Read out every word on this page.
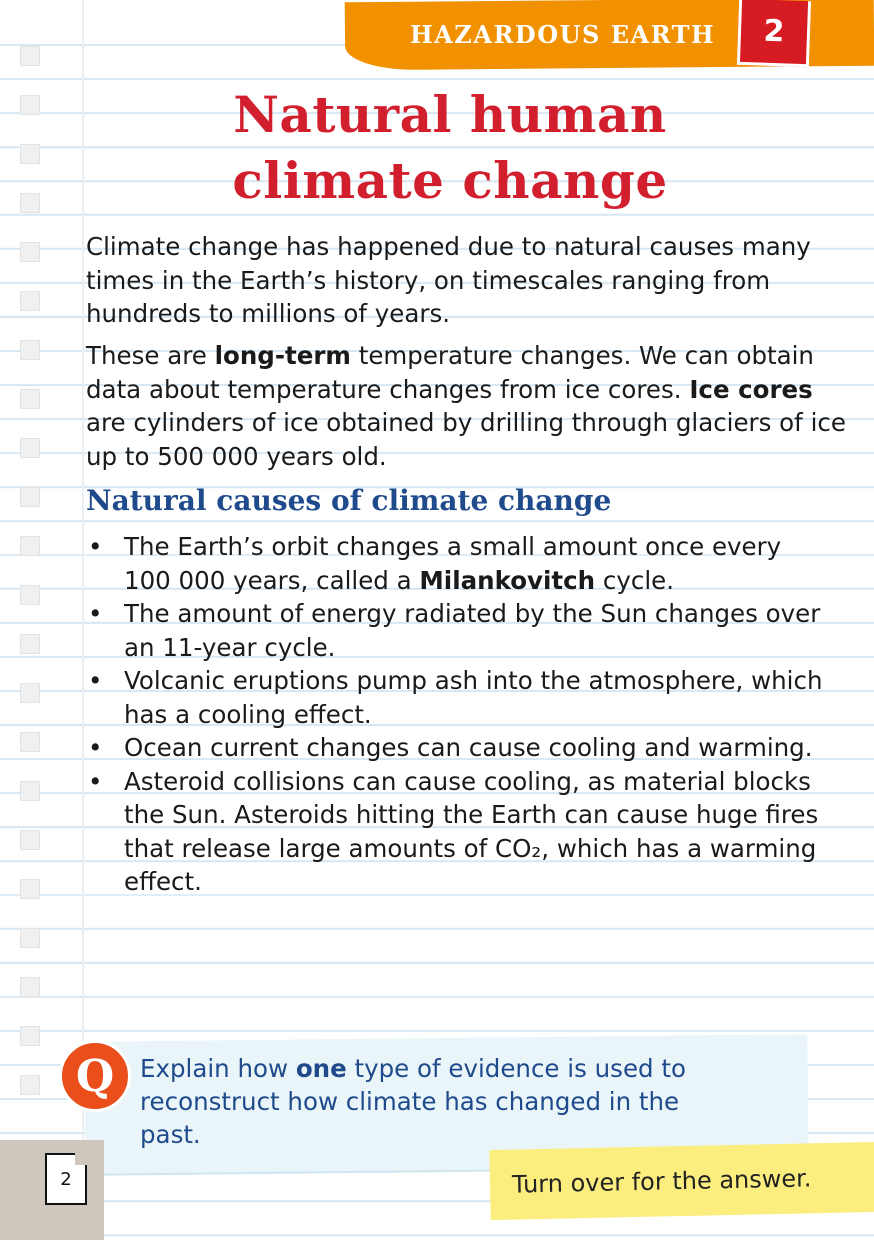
HAZARDOUS EARTH	2
Natural human
climate change

Climate change has happened due to natural causes many times in the Earth’s history, on timescales ranging from hundreds to millions of years.

These are long-term temperature changes. We can obtain data about temperature changes from ice cores. Ice cores are cylinders of ice obtained by drilling through glaciers of ice up to 500 000 years old.

Natural causes of climate change
• The Earth’s orbit changes a small amount once every 100 000 years, called a Milankovitch cycle.
• The amount of energy radiated by the Sun changes over an 11-year cycle.
• Volcanic eruptions pump ash into the atmosphere, which has a cooling effect.
• Ocean current changes can cause cooling and warming.
• Asteroid collisions can cause cooling, as material blocks the Sun. Asteroids hitting the Earth can cause huge fires that release large amounts of CO₂, which has a warming effect.
Q	Explain how one type of evidence is used to reconstruct how climate has changed in the past.
2	Turn over for the answer.
